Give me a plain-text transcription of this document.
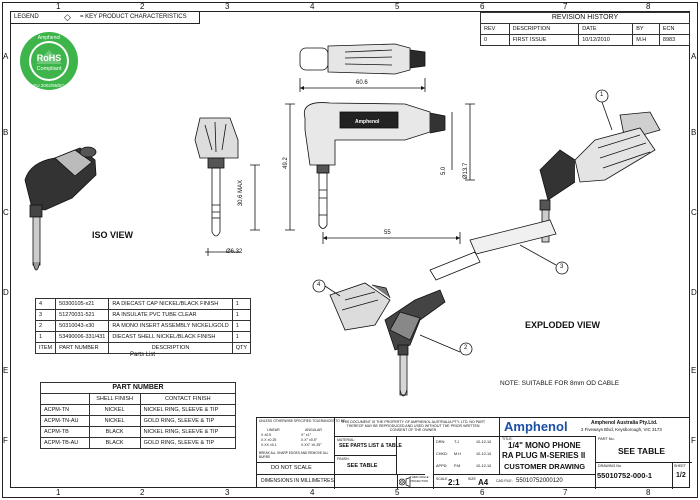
1	2	3	4	5	6	7	8
1	2	3	4	5	6	7	8
A
B
C
D
E
F
A
B
C
D
E
F
LEGEND	◇ = KEY PRODUCT CHARACTERISTICS
RoHS
Compliant
Amphenol
EU 2002/95/EC
REVISION HISTORY				
REV	DESCRIPTION	DATE	BY	ECN
0	FIRST ISSUE	10/12/2010	M.H	8983
60.6
49.2
30.6 MAX
55
5.0	Ø13.7
Ø6.32
1
2
3
4
ISO VIEW
EXPLODED VIEW
NOTE: SUITABLE FOR 8mm OD CABLE
Amphenol
4	50300105-x21	RA DIECAST CAP NICKEL/BLACK FINISH	1
3	51270031-521	RA INSULATE PVC TUBE CLEAR	1
2	50310043-x30	RA MONO INSERT ASSEMBLY NICKEL/GOLD	1
1	53490006-331/431	DIECAST SHELL NICKEL/BLACK FINISH	1
ITEM	PART NUMBER	DESCRIPTION	QTY
Parts List
PART NUMBER		
	SHELL FINISH	CONTACT FINISH
ACPM-TN	NICKEL	NICKEL RING, SLEEVE & TIP
ACPM-TN-AU	NICKEL	GOLD RING, SLEEVE & TIP
ACPM-TB	BLACK	NICKEL RING, SLEEVE & TIP
ACPM-TB-AU	BLACK	GOLD RING, SLEEVE & TIP
UNLESS OTHERWISE SPECIFIED TOLERANCES TO BE:
LINEAR	ANGULAR
X ±0.5	X° ±1°
X.X ±0.25	X.X° ±0.5°
X.XX ±0.1	X.XX° ±0.25°
BREAK ALL SHARP EDGES AND REMOVE ALL BURRS
DO NOT SCALE
DIMENSIONS IN MILLIMETRES
MATERIAL:
SEE PARTS LIST & TABLE
FINISH:
SEE TABLE
THIS DOCUMENT IS THE PROPERTY OF AMPHENOL AUSTRALIA PTY. LTD. NO PART THEREOF MAY BE REPRODUCED AND USED WITHOUT THE PRIOR WRITTEN CONSENT OF THE OWNER
THIRD ANGLE PROJECTION
DRN: T.J	10-12-10
CHKD: M.H	10-12-10
APPD: P.M	10-12-10
SCALE 2:1 SIZE A4 CAD FILE: 55010752000120
TITLE:
1/4" MONO PHONE
RA PLUG M-SERIES II
CUSTOMER DRAWING
Amphenol	Amphenol Australia Pty.Ltd.
2 Fiveways Blvd, Keysborough, VIC 3173
PART No.
SEE TABLE
DRAWING No.
55010752-000-1
SHEET
1/2
